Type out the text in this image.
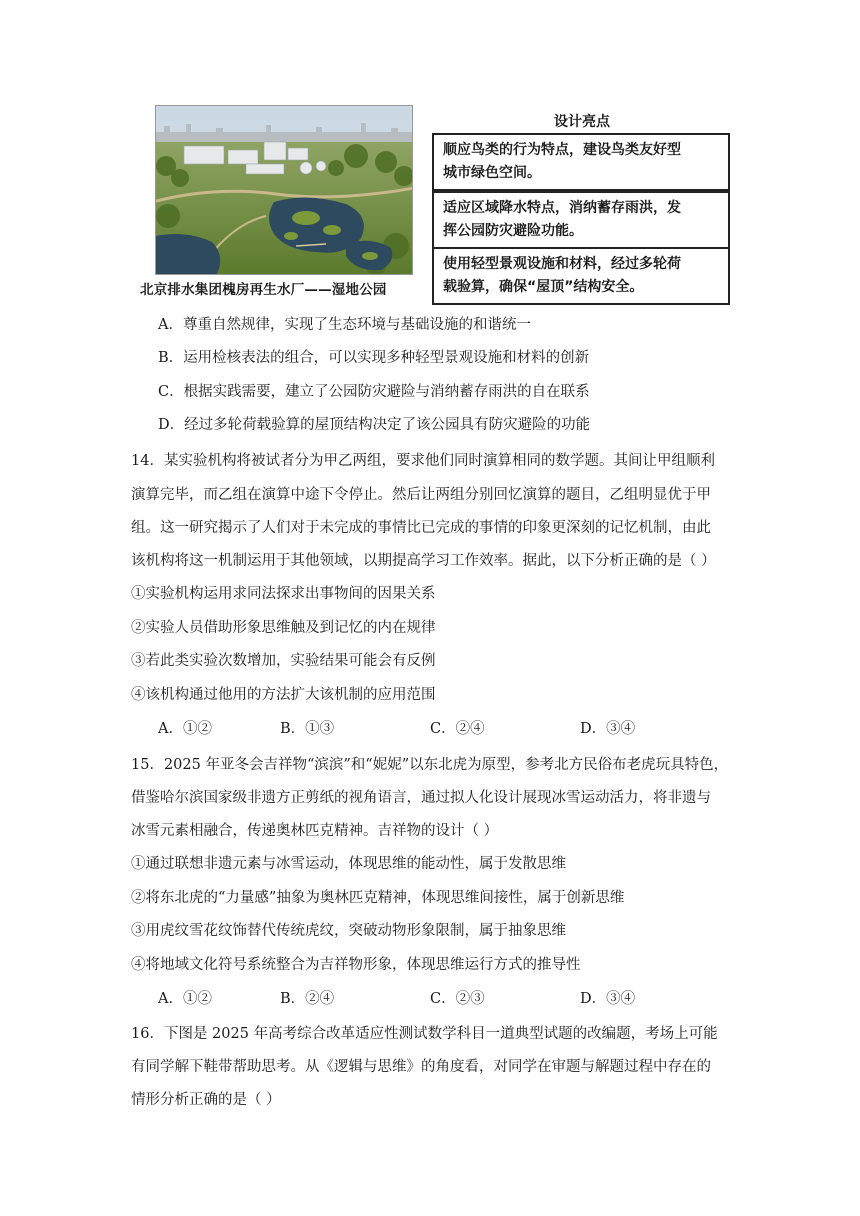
北京排水集团槐房再生水厂——湿地公园
设计亮点
顺应鸟类的行为特点，建设鸟类友好型
城市绿色空间。
适应区域降水特点，消纳蓄存雨洪，发
挥公园防灾避险功能。
使用轻型景观设施和材料，经过多轮荷
载验算，确保“屋顶”结构安全。
A．尊重自然规律，实现了生态环境与基础设施的和谐统一
B．运用检核表法的组合，可以实现多种轻型景观设施和材料的创新
C．根据实践需要，建立了公园防灾避险与消纳蓄存雨洪的自在联系
D．经过多轮荷载验算的屋顶结构决定了该公园具有防灾避险的功能
14．某实验机构将被试者分为甲乙两组，要求他们同时演算相同的数学题。其间让甲组顺利
演算完毕，而乙组在演算中途下令停止。然后让两组分别回忆演算的题目，乙组明显优于甲
组。这一研究揭示了人们对于未完成的事情比已完成的事情的印象更深刻的记忆机制，由此
该机构将这一机制运用于其他领域，以期提高学习工作效率。据此，以下分析正确的是（ ）
①实验机构运用求同法探求出事物间的因果关系
②实验人员借助形象思维触及到记忆的内在规律
③若此类实验次数增加，实验结果可能会有反例
④该机构通过他用的方法扩大该机制的应用范围
A．①②	B．①③	C．②④	D．③④
15．2025 年亚冬会吉祥物“滨滨”和“妮妮”以东北虎为原型，参考北方民俗布老虎玩具特色，
借鉴哈尔滨国家级非遗方正剪纸的视角语言，通过拟人化设计展现冰雪运动活力，将非遗与
冰雪元素相融合，传递奥林匹克精神。吉祥物的设计（ ）
①通过联想非遗元素与冰雪运动，体现思维的能动性，属于发散思维
②将东北虎的“力量感”抽象为奥林匹克精神，体现思维间接性，属于创新思维
③用虎纹雪花纹饰替代传统虎纹，突破动物形象限制，属于抽象思维
④将地域文化符号系统整合为吉祥物形象，体现思维运行方式的推导性
A．①②	B．②④	C．②③	D．③④
16．下图是 2025 年高考综合改革适应性测试数学科目一道典型试题的改编题，考场上可能
有同学解下鞋带帮助思考。从《逻辑与思维》的角度看，对同学在审题与解题过程中存在的
情形分析正确的是（ ）
